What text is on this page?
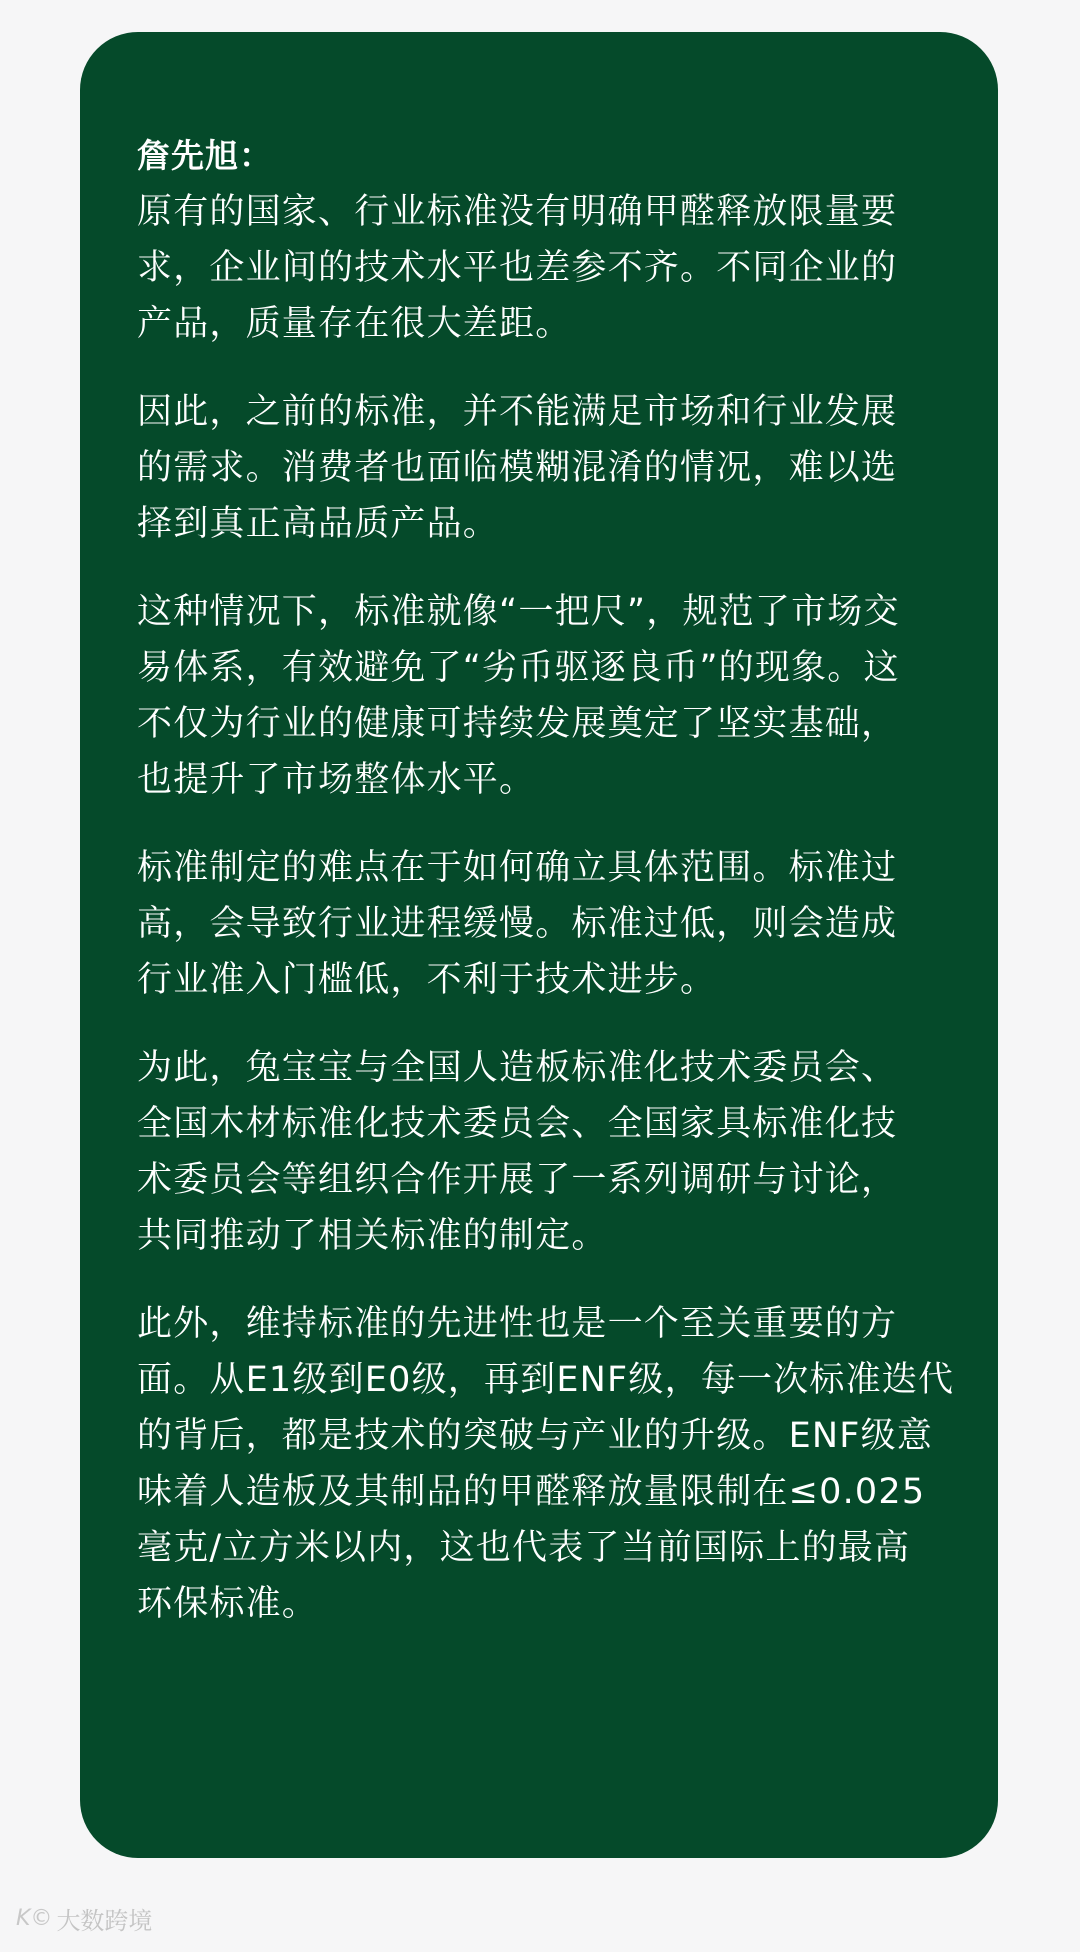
詹先旭：

原有的国家、行业标准没有明确甲醛释放限量要
求，企业间的技术水平也差参不齐。不同企业的
产品，质量存在很大差距。

因此，之前的标准，并不能满足市场和行业发展
的需求。消费者也面临模糊混淆的情况，难以选
择到真正高品质产品。

这种情况下，标准就像“一把尺”，规范了市场交
易体系，有效避免了“劣币驱逐良币”的现象。这
不仅为行业的健康可持续发展奠定了坚实基础，
也提升了市场整体水平。

标准制定的难点在于如何确立具体范围。标准过
高，会导致行业进程缓慢。标准过低，则会造成
行业准入门槛低，不利于技术进步。

为此，兔宝宝与全国人造板标准化技术委员会、
全国木材标准化技术委员会、全国家具标准化技
术委员会等组织合作开展了一系列调研与讨论，
共同推动了相关标准的制定。

此外，维持标准的先进性也是一个至关重要的方
面。从E1级到E0级，再到ENF级，每一次标准迭代
的背后，都是技术的突破与产业的升级。ENF级意
味着人造板及其制品的甲醛释放量限制在≤0.025
毫克/立方米以内，这也代表了当前国际上的最高
环保标准。

K© 大数跨境
